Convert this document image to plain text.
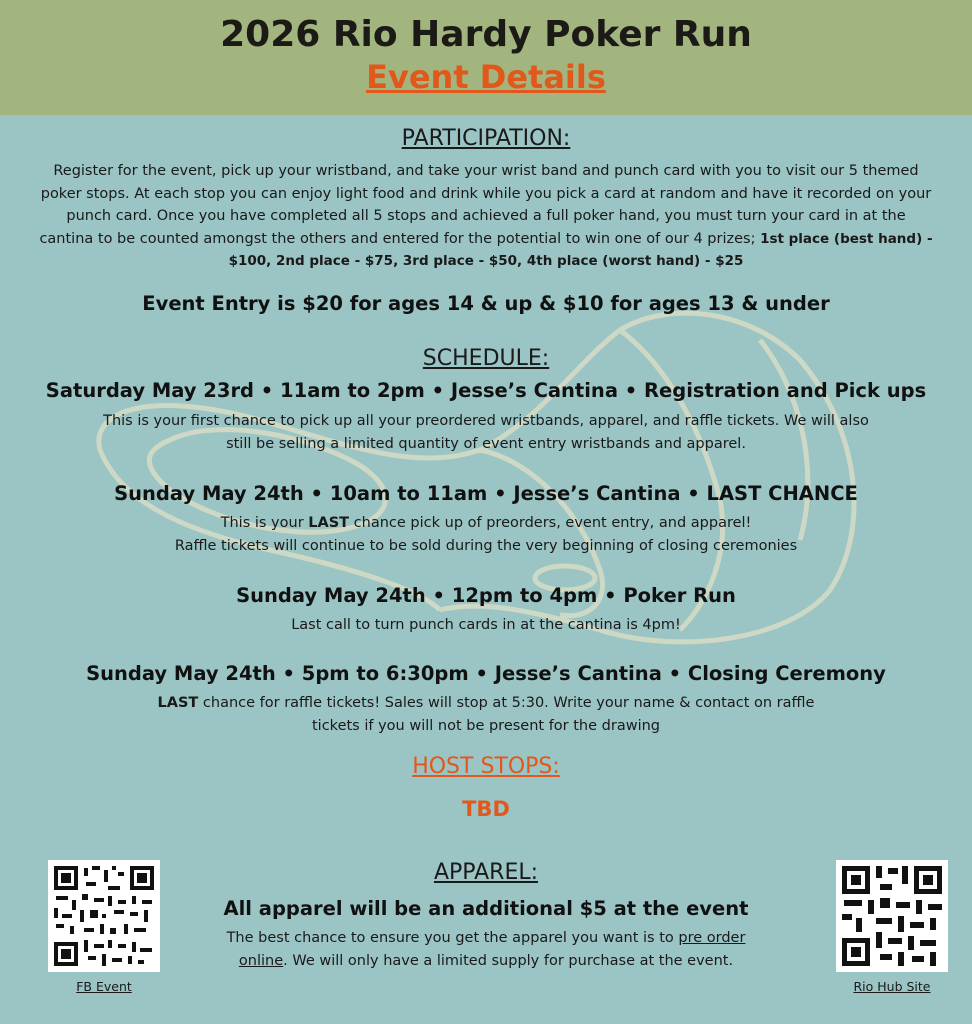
2026 Rio Hardy Poker Run
Event Details
PARTICIPATION:
Register for the event, pick up your wristband, and take your wrist band and punch card with you to visit our 5 themed poker stops. At each stop you can enjoy light food and drink while you pick a card at random and have it recorded on your punch card. Once you have completed all 5 stops and achieved a full poker hand, you must turn your card in at the cantina to be counted amongst the others and entered for the potential to win one of our 4 prizes; 1st place (best hand) - $100, 2nd place - $75, 3rd place - $50, 4th place (worst hand) - $25
Event Entry is $20 for ages 14 & up & $10 for ages 13 & under
SCHEDULE:
Saturday May 23rd • 11am to 2pm • Jesse’s Cantina • Registration and Pick ups
This is your first chance to pick up all your preordered wristbands, apparel, and raffle tickets. We will also
still be selling a limited quantity of event entry wristbands and apparel.
Sunday May 24th • 10am to 11am • Jesse’s Cantina • LAST CHANCE
This is your LAST chance pick up of preorders, event entry, and apparel!
Raffle tickets will continue to be sold during the very beginning of closing ceremonies
Sunday May 24th • 12pm to 4pm • Poker Run
Last call to turn punch cards in at the cantina is 4pm!
Sunday May 24th • 5pm to 6:30pm • Jesse’s Cantina • Closing Ceremony
LAST chance for raffle tickets! Sales will stop at 5:30. Write your name & contact on raffle
tickets if you will not be present for the drawing
HOST STOPS:
TBD
APPAREL:
All apparel will be an additional $5 at the event
The best chance to ensure you get the apparel you want is to pre order
online. We will only have a limited supply for purchase at the event.
FB Event	Rio Hub Site
